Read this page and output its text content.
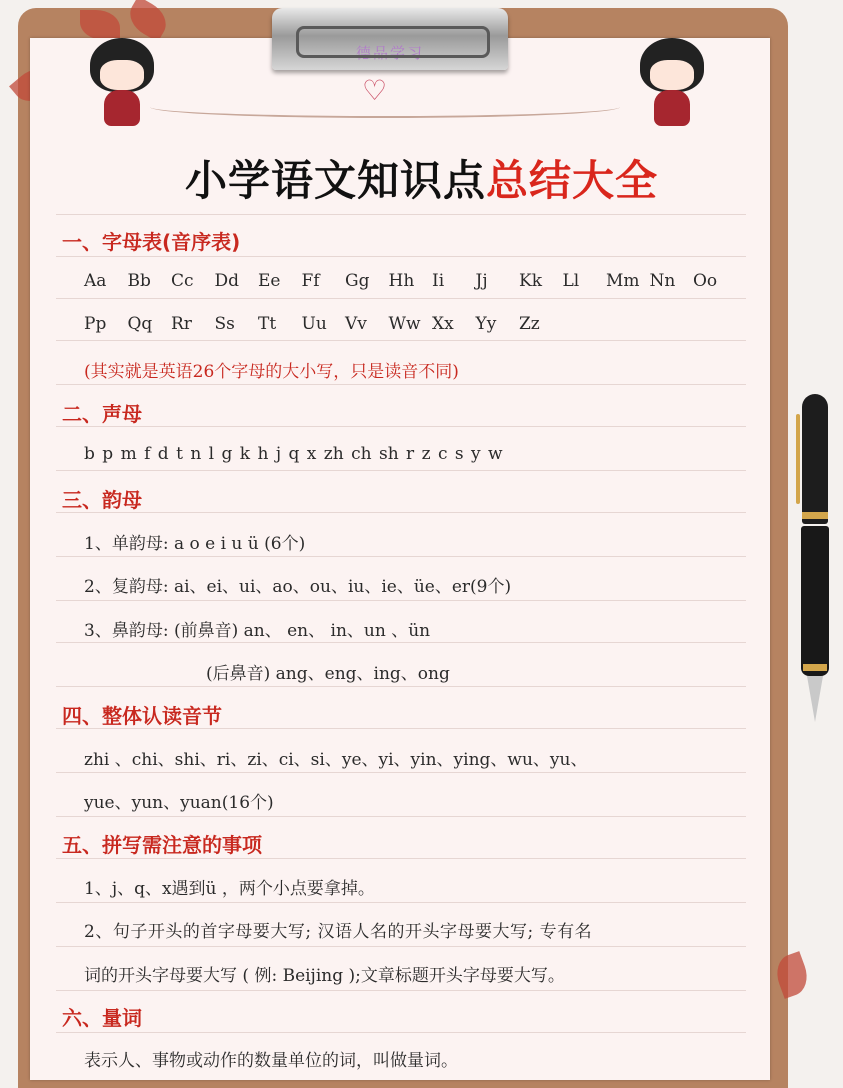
德品学习
♡
小学语文知识点总结大全
一、字母表(音序表)
Aa Bb Cc Dd Ee Ff Gg Hh Ii Jj Kk Ll Mm Nn Oo
Pp Qq Rr Ss Tt Uu Vv Ww Xx Yy Zz
(其实就是英语26个字母的大小写，只是读音不同)
二、声母
b p m f d t n l g k h j q x zh ch sh r z c s y w
三、韵母
1、单韵母: a o e i u ü (6个)
2、复韵母: ai、ei、ui、ao、ou、iu、ie、üe、er(9个)
3、鼻韵母: (前鼻音) an、 en、 in、un 、ün
(后鼻音) ang、eng、ing、ong
四、整体认读音节
zhi 、chi、shi、ri、zi、ci、si、ye、yi、yin、ying、wu、yu、
yue、yun、yuan(16个)
五、拼写需注意的事项
1、j、q、x遇到ü ，两个小点要拿掉。
2、句子开头的首字母要大写; 汉语人名的开头字母要大写; 专有名
词的开头字母要大写 ( 例: Beijing );文章标题开头字母要大写。
六、量词
表示人、事物或动作的数量单位的词，叫做量词。
